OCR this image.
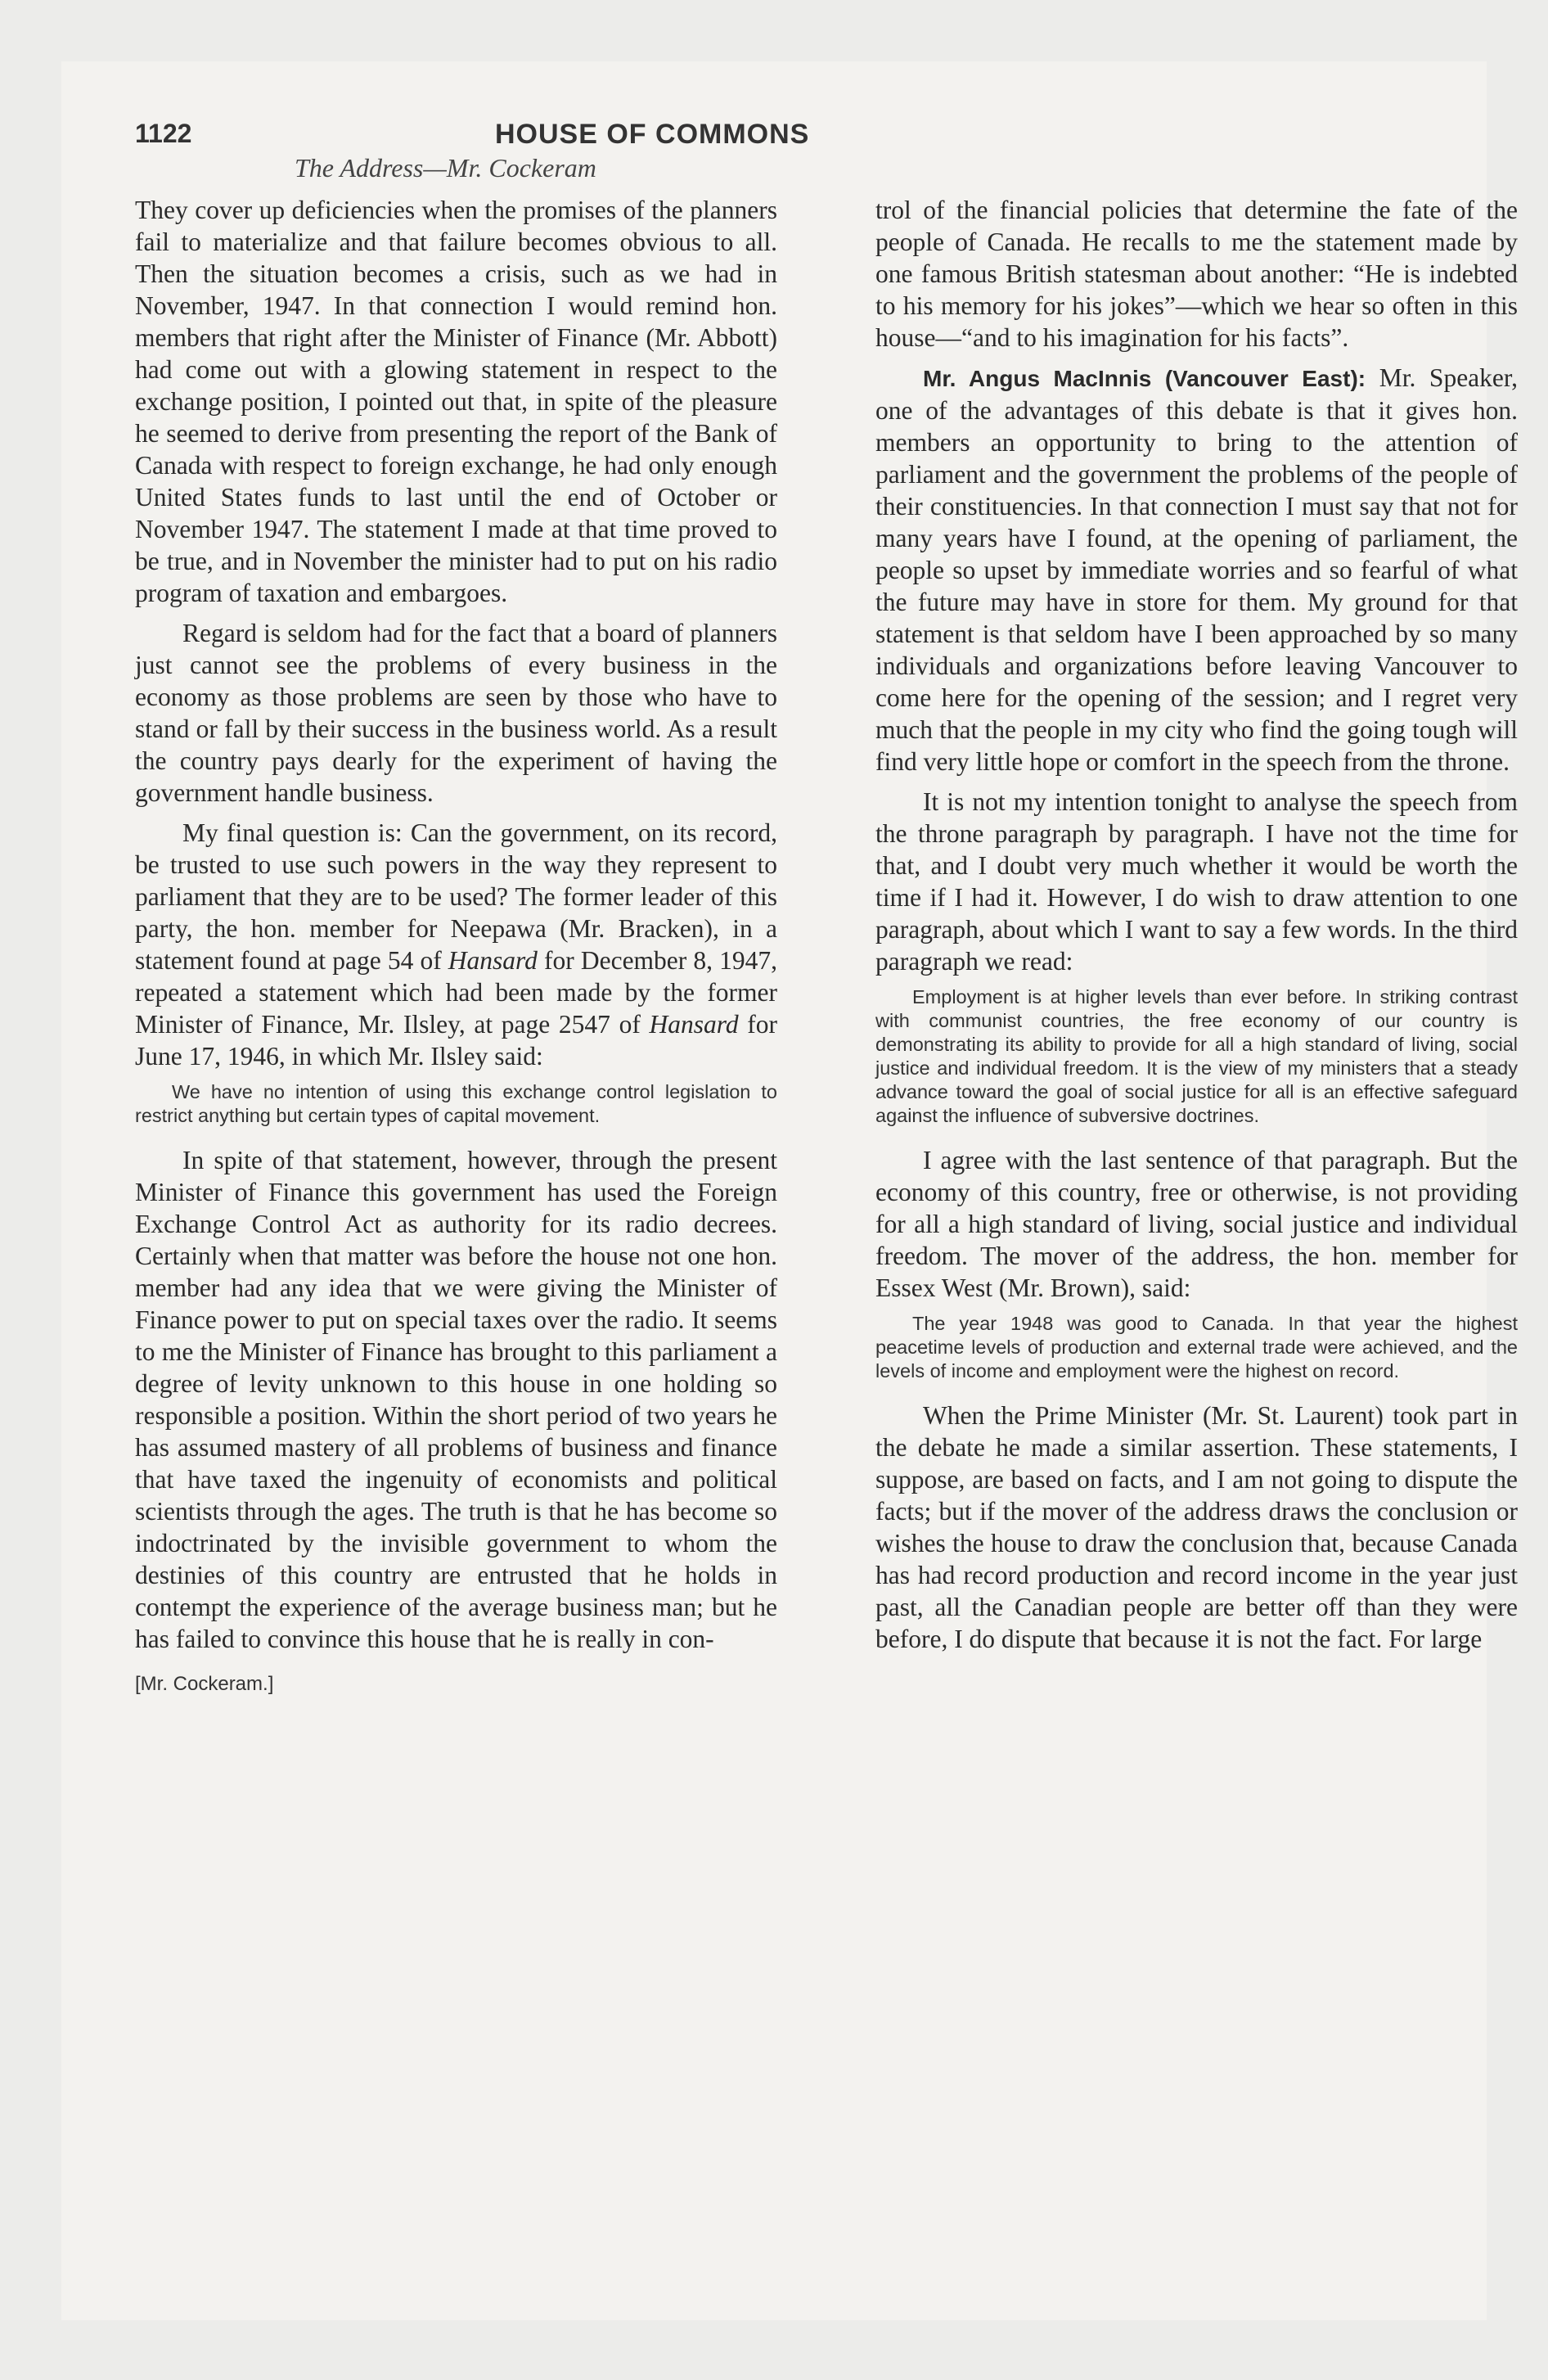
1122	HOUSE OF COMMONS
The Address—Mr. Cockeram

They cover up deficiencies when the promises of the planners fail to materialize and that failure becomes obvious to all. Then the situation becomes a crisis, such as we had in November, 1947. In that connection I would remind hon. members that right after the Minister of Finance (Mr. Abbott) had come out with a glowing statement in respect to the exchange position, I pointed out that, in spite of the pleasure he seemed to derive from presenting the report of the Bank of Canada with respect to foreign exchange, he had only enough United States funds to last until the end of October or November 1947. The statement I made at that time proved to be true, and in November the minister had to put on his radio program of taxation and embargoes.

Regard is seldom had for the fact that a board of planners just cannot see the problems of every business in the economy as those problems are seen by those who have to stand or fall by their success in the business world. As a result the country pays dearly for the experiment of having the government handle business.

My final question is: Can the government, on its record, be trusted to use such powers in the way they represent to parliament that they are to be used? The former leader of this party, the hon. member for Neepawa (Mr. Bracken), in a statement found at page 54 of Hansard for December 8, 1947, repeated a statement which had been made by the former Minister of Finance, Mr. Ilsley, at page 2547 of Hansard for June 17, 1946, in which Mr. Ilsley said:

We have no intention of using this exchange control legislation to restrict anything but certain types of capital movement.

In spite of that statement, however, through the present Minister of Finance this government has used the Foreign Exchange Control Act as authority for its radio decrees. Certainly when that matter was before the house not one hon. member had any idea that we were giving the Minister of Finance power to put on special taxes over the radio. It seems to me the Minister of Finance has brought to this parliament a degree of levity unknown to this house in one holding so responsible a position. Within the short period of two years he has assumed mastery of all problems of business and finance that have taxed the ingenuity of economists and political scientists through the ages. The truth is that he has become so indoctrinated by the invisible government to whom the destinies of this country are entrusted that he holds in contempt the experience of the average business man; but he has failed to convince this house that he is really in con-

[Mr. Cockeram.]

trol of the financial policies that determine the fate of the people of Canada. He recalls to me the statement made by one famous British statesman about another: “He is indebted to his memory for his jokes”—which we hear so often in this house—“and to his imagination for his facts”.

Mr. Angus MacInnis (Vancouver East): Mr. Speaker, one of the advantages of this debate is that it gives hon. members an opportunity to bring to the attention of parliament and the government the problems of the people of their constituencies. In that connection I must say that not for many years have I found, at the opening of parliament, the people so upset by immediate worries and so fearful of what the future may have in store for them. My ground for that statement is that seldom have I been approached by so many individuals and organizations before leaving Vancouver to come here for the opening of the session; and I regret very much that the people in my city who find the going tough will find very little hope or comfort in the speech from the throne.

It is not my intention tonight to analyse the speech from the throne paragraph by paragraph. I have not the time for that, and I doubt very much whether it would be worth the time if I had it. However, I do wish to draw attention to one paragraph, about which I want to say a few words. In the third paragraph we read:

Employment is at higher levels than ever before. In striking contrast with communist countries, the free economy of our country is demonstrating its ability to provide for all a high standard of living, social justice and individual freedom. It is the view of my ministers that a steady advance toward the goal of social justice for all is an effective safeguard against the influence of subversive doctrines.

I agree with the last sentence of that paragraph. But the economy of this country, free or otherwise, is not providing for all a high standard of living, social justice and individual freedom. The mover of the address, the hon. member for Essex West (Mr. Brown), said:

The year 1948 was good to Canada. In that year the highest peacetime levels of production and external trade were achieved, and the levels of income and employment were the highest on record.

When the Prime Minister (Mr. St. Laurent) took part in the debate he made a similar assertion. These statements, I suppose, are based on facts, and I am not going to dispute the facts; but if the mover of the address draws the conclusion or wishes the house to draw the conclusion that, because Canada has had record production and record income in the year just past, all the Canadian people are better off than they were before, I do dispute that because it is not the fact. For large
